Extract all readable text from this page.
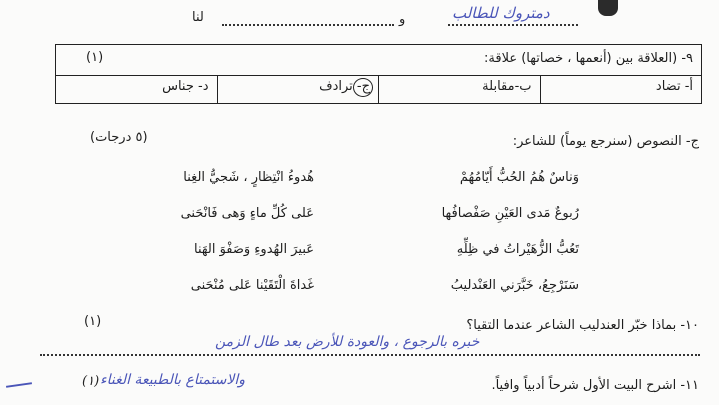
و
لنا	دمتروك للطالب
٩- (العلاقة بين (أنعمها ، خصاتها) علاقة:
(١)
أ- تضاد
ب-مقابلة
ج- ترادف
د- جناس
ج- النصوص (سنرجع يوماً) للشاعر:
(٥ درجات)
وَناسٌ هُمُ الحُبُّ أَيّامُهُمْ
هُدوءُ انْتِظارٍ ، شَجيُّ الغِنا
رُبوعٌ مَدى العَيْنِ صَفْصافُها
عَلى كُلِّ ماءٍ وَهى فَانْحَنى
تَعُبُّ الزُّهَيْراتُ في ظِلِّهِ
عَبيرَ الهُدوءِ وَصَفْوَ الهَنا
سَنَرْجِعُ، خَبَّرَني العَنْدليبُ
غَداةَ الْتَقَيْنا عَلى مُنْحَنى
١٠- بماذا خبّر العندليب الشاعر عندما التقيا؟
(١)
خبره بالرجوع ، والعودة للأرض بعد طال الزمن
١١- اشرح البيت الأول شرحاً أدبياً وافياً.
والاستمتاع بالطبيعة الغناء
(١)
